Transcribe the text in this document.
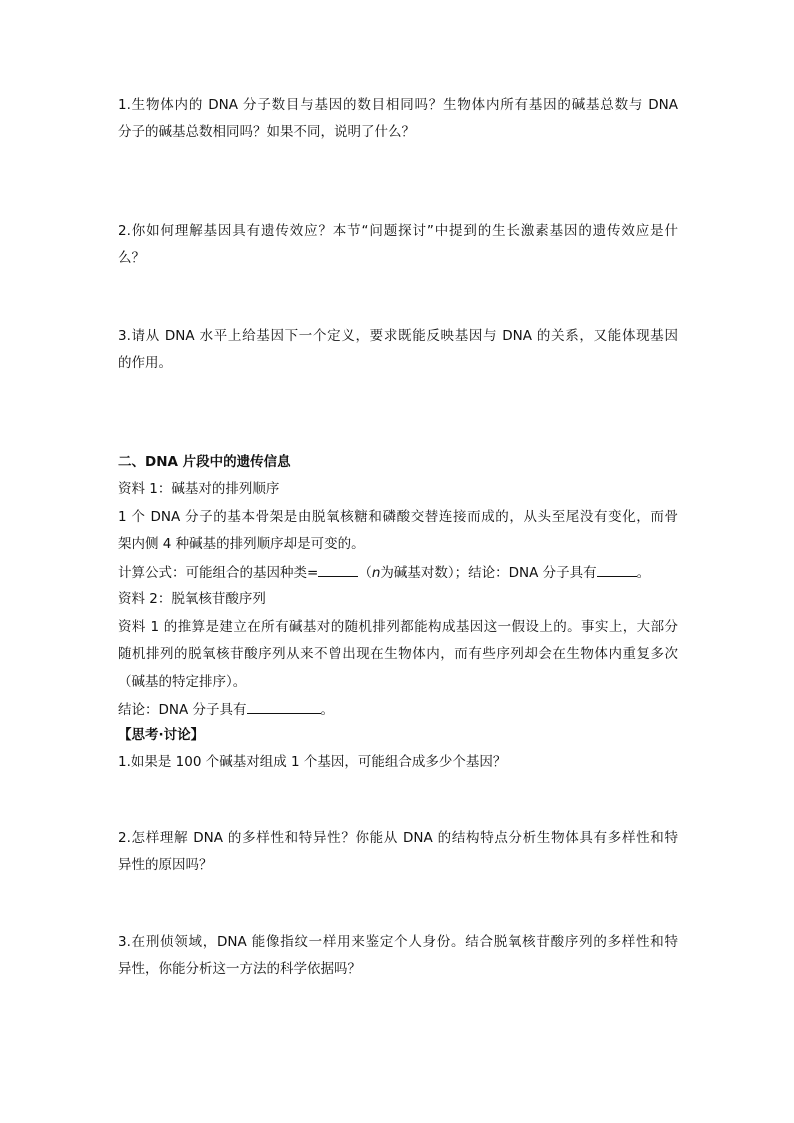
1.生物体内的 DNA 分子数目与基因的数目相同吗？生物体内所有基因的碱基总数与 DNA
分子的碱基总数相同吗？如果不同，说明了什么？
2.你如何理解基因具有遗传效应？本节“问题探讨”中提到的生长激素基因的遗传效应是什
么？
3.请从 DNA 水平上给基因下一个定义，要求既能反映基因与 DNA 的关系，又能体现基因
的作用。
二、DNA 片段中的遗传信息
资料 1：碱基对的排列顺序
1 个 DNA 分子的基本骨架是由脱氧核糖和磷酸交替连接而成的，从头至尾没有变化，而骨
架内侧 4 种碱基的排列顺序却是可变的。
计算公式：可能组合的基因种类=	（n为碱基对数）；结论：DNA 分子具有	。
资料 2：脱氧核苷酸序列
资料 1 的推算是建立在所有碱基对的随机排列都能构成基因这一假设上的。事实上，大部分
随机排列的脱氧核苷酸序列从来不曾出现在生物体内，而有些序列却会在生物体内重复多次
（碱基的特定排序）。
结论：DNA 分子具有	。
【思考·讨论】
1.如果是 100 个碱基对组成 1 个基因，可能组合成多少个基因？
2.怎样理解 DNA 的多样性和特异性？你能从 DNA 的结构特点分析生物体具有多样性和特
异性的原因吗？
3.在刑侦领域，DNA 能像指纹一样用来鉴定个人身份。结合脱氧核苷酸序列的多样性和特
异性，你能分析这一方法的科学依据吗？
